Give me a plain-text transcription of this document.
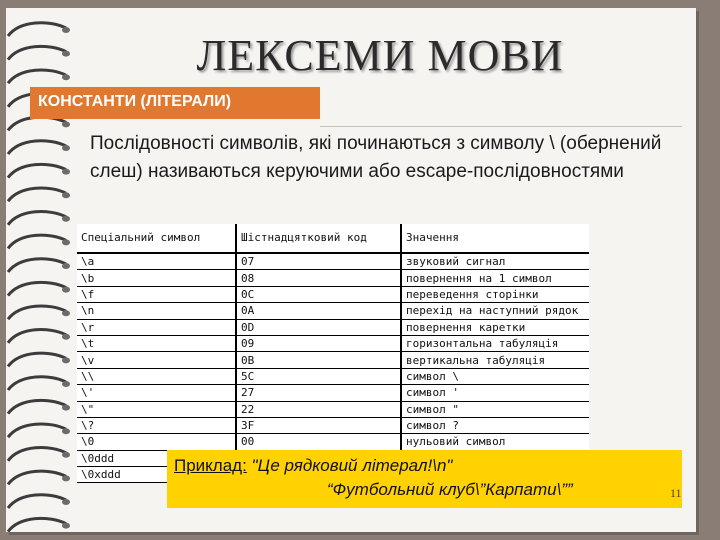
ЛЕКСЕМИ МОВИ
КОНСТАНТИ (ЛІТЕРАЛИ)
Послідовності символів, які починаються з символу \ (обернений слеш) називаються керуючими або escape-послідовностями
Спеціальний символ	Шістнадцятковий код	Значення
\a	07	звуковий сигнал
\b	08	повернення на 1 символ
\f	0C	переведення сторінки
\n	0A	перехід на наступний рядок
\r	0D	повернення каретки
\t	09	горизонтальна табуляція
\v	0B	вертикальна табуляція
\\	5C	символ \
\'	27	символ '
\"	22	символ "
\?	3F	символ ?
\0	00	нульовий символ
\0ddd		
\0xddd			Приклад: "Це рядковий літерал!\n"
“Футбольний клуб\”Карпати\””	11
